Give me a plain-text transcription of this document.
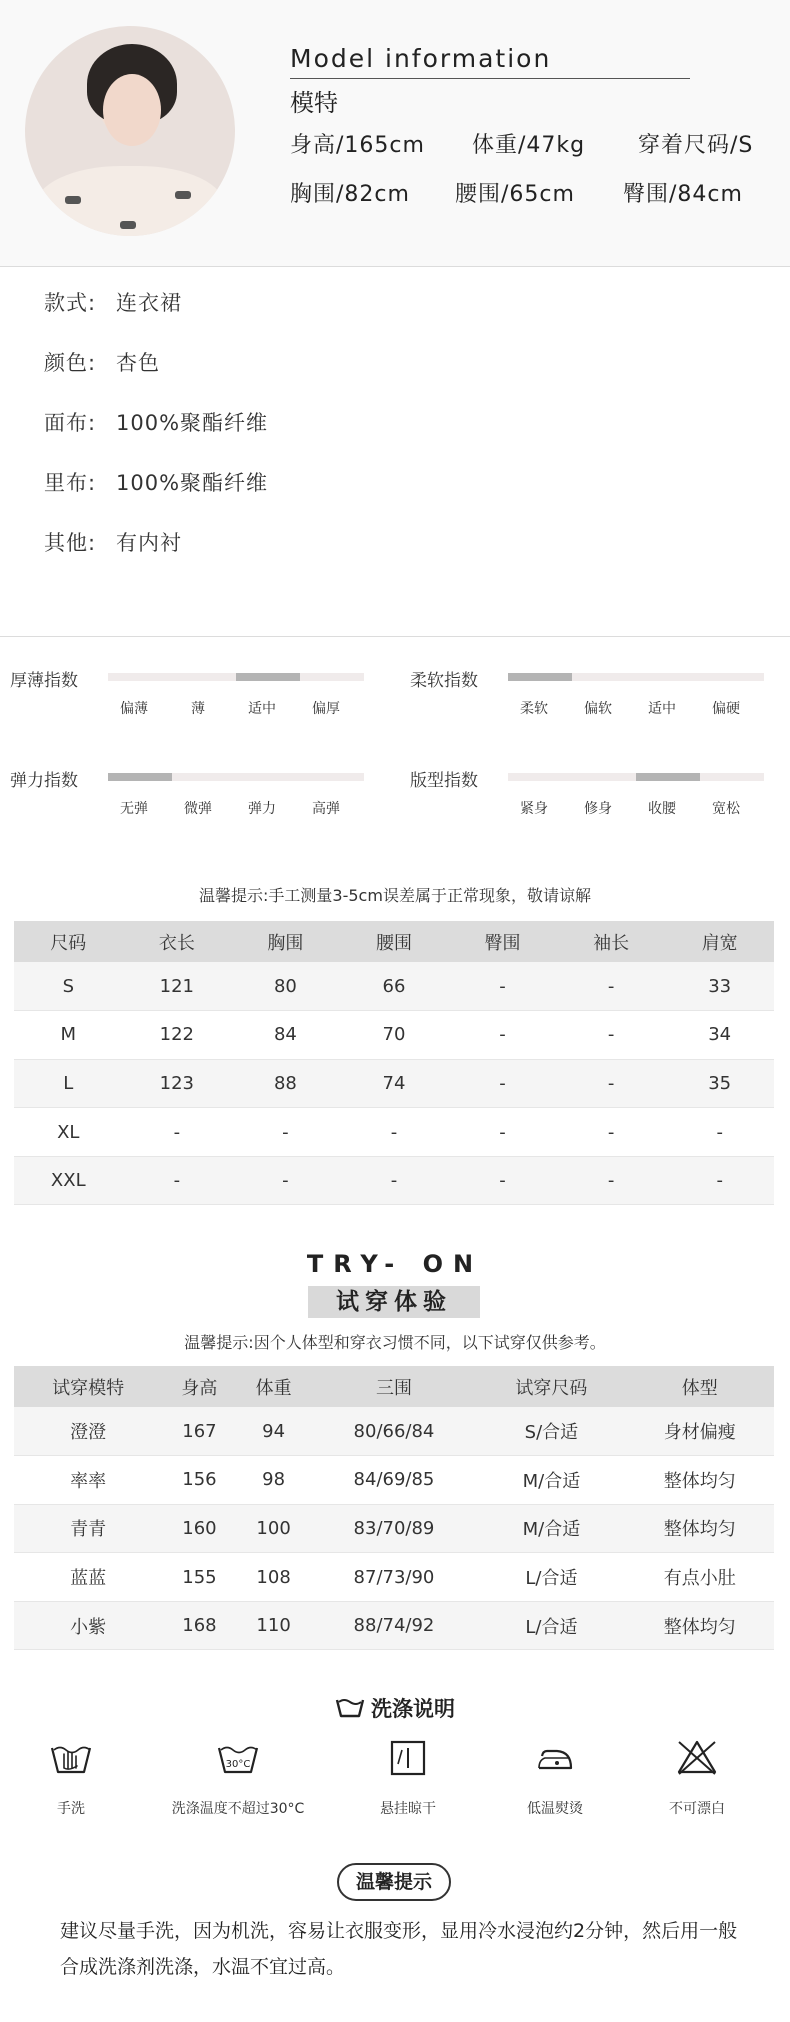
Model information
模特
身高/165cm 体重/47kg 穿着尺码/S
胸围/82cm 腰围/65cm 臀围/84cm
款式: 连衣裙
颜色: 杏色
面布: 100%聚酯纤维
里布: 100%聚酯纤维
其他: 有内衬
厚薄指数
偏薄	薄	适中	偏厚
柔软指数
柔软	偏软	适中	偏硬
弹力指数
无弹	微弹	弹力	高弹
版型指数
紧身	修身	收腰	宽松
温馨提示:手工测量3-5cm误差属于正常现象，敬请谅解
尺码	衣长	胸围	腰围	臀围	袖长	肩宽
S	121	80	66	-	-	33
M	122	84	70	-	-	34
L	123	88	74	-	-	35
XL	-	-	-	-	-	-
XXL	-	-	-	-	-	-
TRY- ON
试穿体验
温馨提示:因个人体型和穿衣习惯不同，以下试穿仅供参考。
试穿模特	身高	体重	三围	试穿尺码	体型
澄澄	167	94	80/66/84	S/合适	身材偏瘦
率率	156	98	84/69/85	M/合适	整体均匀
青青	160	100	83/70/89	M/合适	整体均匀
蓝蓝	155	108	87/73/90	L/合适	有点小肚
小紫	168	110	88/74/92	L/合适	整体均匀
洗涤说明
手洗
30°C
洗涤温度不超过30°C	悬挂晾干	低温熨烫	不可漂白
温馨提示
建议尽量手洗，因为机洗，容易让衣服变形，显用冷水浸泡约2分钟，然后用一般合成洗涤剂洗涤，水温不宜过高。
